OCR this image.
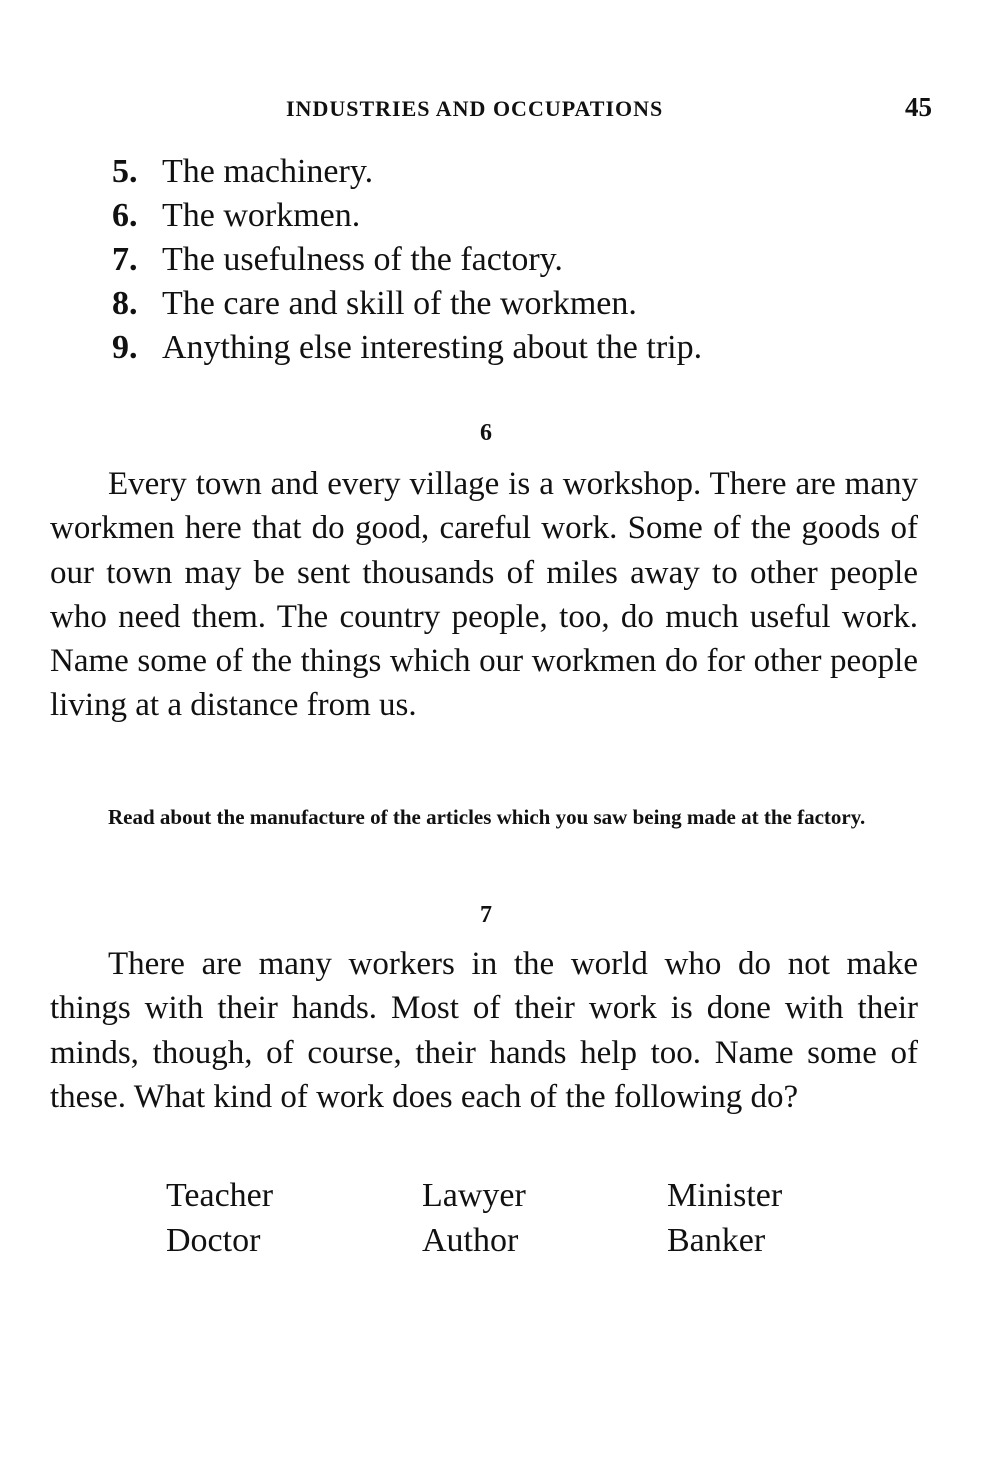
INDUSTRIES AND OCCUPATIONS	45
5. The machinery.
6. The workmen.
7. The usefulness of the factory.
8. The care and skill of the workmen.
9. Anything else interesting about the trip.
6

Every town and every village is a workshop. There are many workmen here that do good, careful work. Some of the goods of our town may be sent thousands of miles away to other people who need them. The country people, too, do much useful work. Name some of the things which our workmen do for other people living at a distance from us.

Read about the manufacture of the articles which you saw being made at the factory.

7

There are many workers in the world who do not make things with their hands. Most of their work is done with their minds, though, of course, their hands help too. Name some of these. What kind of work does each of the following do?

Teacher	Lawyer	Minister
Doctor	Author	Banker
